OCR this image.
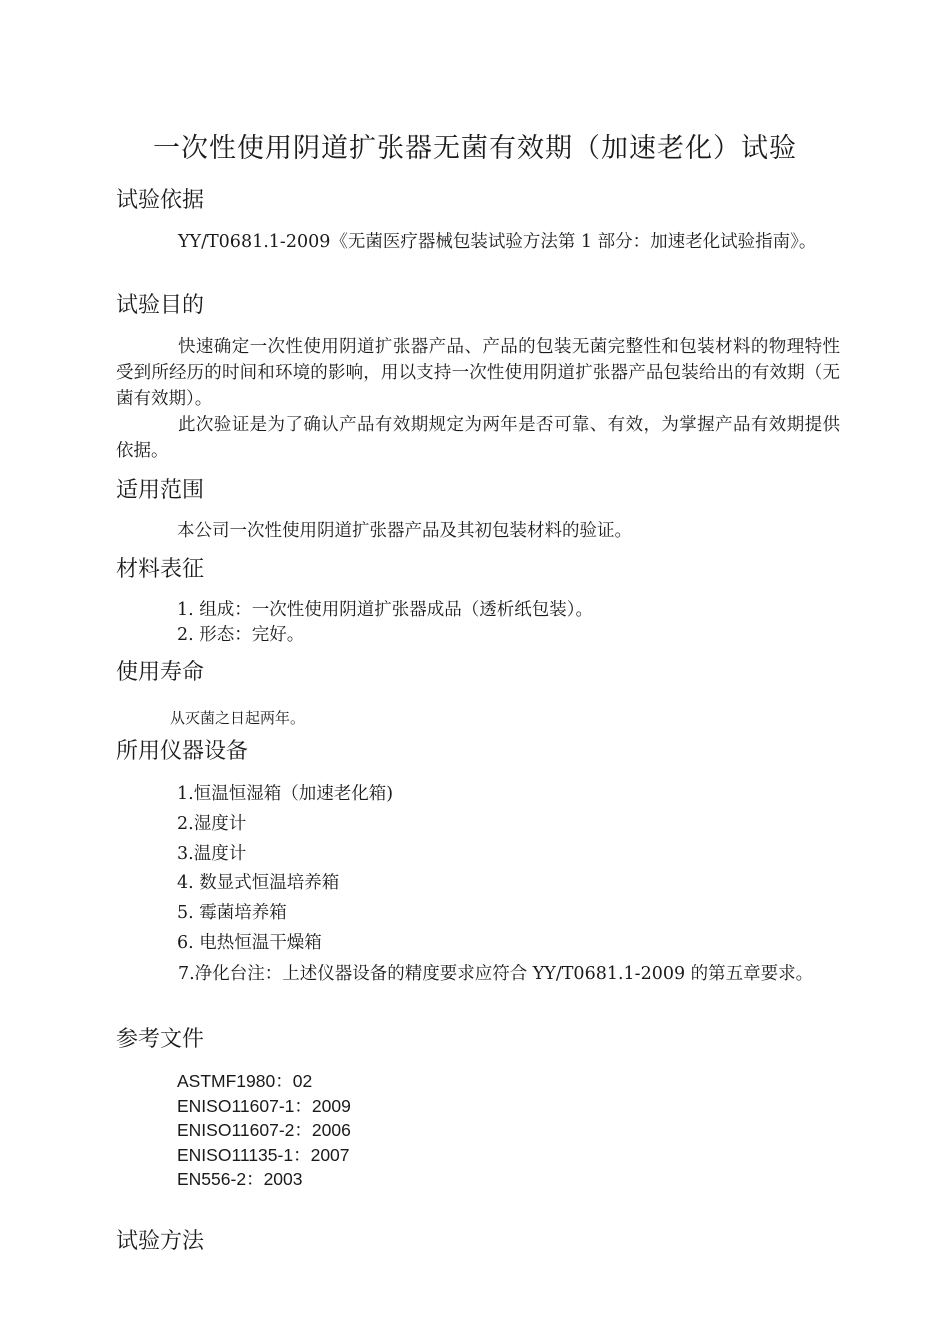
一次性使用阴道扩张器无菌有效期（加速老化）试验
试验依据
YY/T0681.1-2009《无菌医疗器械包装试验方法第 1 部分：加速老化试验指南》。
试验目的
快速确定一次性使用阴道扩张器产品、产品的包装无菌完整性和包装材料的物理特性受到所经历的时间和环境的影响，用以支持一次性使用阴道扩张器产品包装给出的有效期（无菌有效期）。
此次验证是为了确认产品有效期规定为两年是否可靠、有效，为掌握产品有效期提供依据。
适用范围
本公司一次性使用阴道扩张器产品及其初包装材料的验证。
材料表征
1. 组成：一次性使用阴道扩张器成品（透析纸包装）。
2. 形态：完好。
使用寿命
从灭菌之日起两年。
所用仪器设备
1.恒温恒湿箱（加速老化箱)
2.湿度计
3.温度计
4. 数显式恒温培养箱
5. 霉菌培养箱
6. 电热恒温干燥箱
7.净化台注：上述仪器设备的精度要求应符合 YY/T0681.1-2009 的第五章要求。
参考文件
ASTMF1980：02
ENISO11607-1：2009
ENISO11607-2：2006
ENISO11135-1：2007
EN556-2：2003
试验方法
